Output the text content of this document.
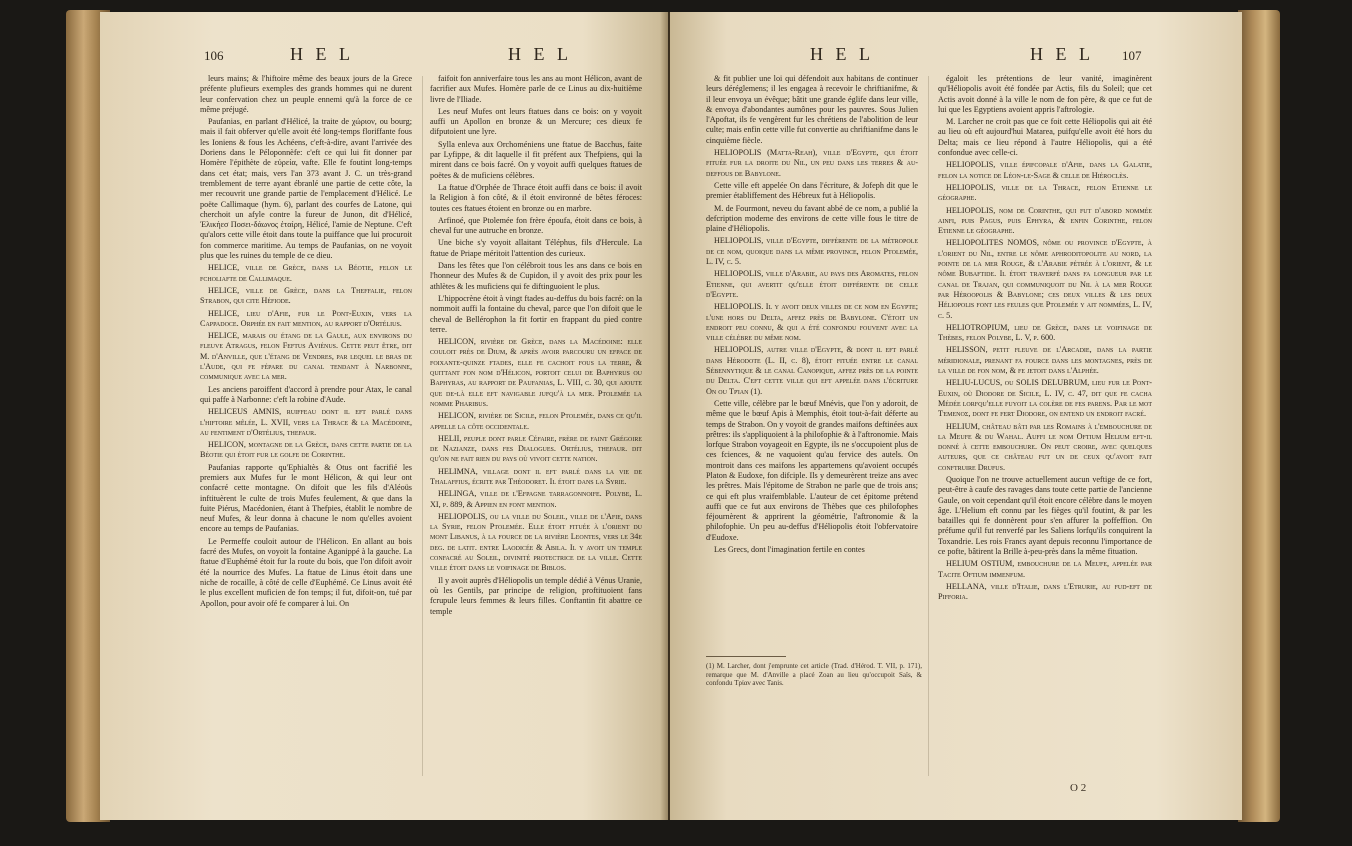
106	H E L	H E L

leurs mains; & l'hiftoire même des beaux jours de la Grece préfente plufieurs exemples des grands hommes qui ne durent leur confervation chez un peuple ennemi qu'à la force de ce même préjugé.

Paufanias, en parlant d'Hélicé, la traite de χώριον, ou bourg; mais il fait obferver qu'elle avoit été long-temps floriffante fous les Ioniens & fous les Achéens, c'eft-à-dire, avant l'arrivée des Doriens dans le Péloponnèfe: c'eft ce qui lui fit donner par Homère l'épithète de εὐρεία, vafte. Elle fe foutint long-temps dans cet état; mais, vers l'an 373 avant J. C. un très-grand tremblement de terre ayant ébranlé une partie de cette côte, la mer recouvrit une grande partie de l'emplacement d'Hélicé. Le poëte Callimaque (hym. 6), parlant des courfes de Latone, qui cherchoit un afyle contre la fureur de Junon, dit d'Hélicé, Ἑλικήεσ Ποσει-δάωνος ἑταίρη, Hélicé, l'amie de Neptune. C'eft qu'alors cette ville étoit dans toute la puiffance que lui procuroit fon commerce maritime. Au temps de Paufanias, on ne voyoit plus que les ruines du temple de ce dieu.

HELICE, ville de Grèce, dans la Béotie, felon le fcholiafte de Callimaque.

HELICE, ville de Grèce, dans la Theffalie, felon Strabon, qui cite Héfiode.

HELICE, lieu d'Afie, fur le Pont-Euxin, vers la Cappadoce. Orphée en fait mention, au rapport d'Ortélius.

HELICE, marais ou étang de la Gaule, aux environs du fleuve Atragus, felon Feftus Aviénus. Cette peut être, dit M. d'Anville, que l'étang de Vendres, par lequel le bras de l'Aude, qui fe fépare du canal tendant à Narbonne, communique avec la mer.

Les anciens paroiffent d'accord à prendre pour Atax, le canal qui paffe à Narbonne: c'eft la robine d'Aude.

HELICEUS AMNIS, ruiffeau dont il eft parlé dans l'hiftoire mêlée, L. XVII, vers la Thrace & la Macédoine, au fentiment d'Ortélius, thefaur.

HELICON, montagne de la Grèce, dans cette partie de la Béotie qui étoit fur le golfe de Corinthe.

Paufanias rapporte qu'Ephialtès & Otus ont facrifié les premiers aux Mufes fur le mont Hélicon, & qui leur ont confacré cette montagne. On difoit que les fils d'Aléoüs inftituèrent le culte de trois Mufes feulement, & que dans la fuite Piérus, Macédonien, étant à Thefpies, établit le nombre de neuf Mufes, & leur donna à chacune le nom qu'elles avoient encore au temps de Paufanias.

Le Permeffe couloit autour de l'Hélicon. En allant au bois facré des Mufes, on voyoit la fontaine Aganippé à la gauche. La ftatue d'Euphémé étoit fur la route du bois, que l'on difoit avoir été la nourrice des Mufes. La ftatue de Linus étoit dans une niche de rocaille, à côté de celle d'Euphémé. Ce Linus avoit été le plus excellent muficien de fon temps; il fut, difoit-on, tué par Apollon, pour avoir ofé fe comparer à lui. On

faifoit fon anniverfaire tous les ans au mont Hélicon, avant de facrifier aux Mufes. Homère parle de ce Linus au dix-huitième livre de l'Iliade.

Les neuf Mufes ont leurs ftatues dans ce bois: on y voyoit auffi un Apollon en bronze & un Mercure; ces dieux fe difputoient une lyre.

Sylla enleva aux Orchoméniens une ftatue de Bacchus, faite par Lyfippe, & dit laquelle il fit préfent aux Thefpiens, qui la mirent dans ce bois facré. On y voyoit auffi quelques ftatues de poëtes & de muficiens célèbres.

La ftatue d'Orphée de Thrace étoit auffi dans ce bois: il avoit la Religion à fon côté, & il étoit environné de bêtes féroces: toutes ces ftatues étoient en bronze ou en marbre.

Arfinoé, que Ptolemée fon frère époufa, étoit dans ce bois, à cheval fur une autruche en bronze.

Une biche s'y voyoit allaitant Téléphus, fils d'Hercule. La ftatue de Priape méritoit l'attention des curieux.

Dans les fêtes que l'on célébroit tous les ans dans ce bois en l'honneur des Mufes & de Cupidon, il y avoit des prix pour les athlètes & les muficiens qui fe diftinguoient le plus.

L'hippocrène étoit à vingt ftades au-deffus du bois facré: on la nommoit auffi la fontaine du cheval, parce que l'on difoit que le cheval de Bellérophon la fit fortir en frappant du pied contre terre.

HELICON, rivière de Grèce, dans la Macédoine: elle couloit près de Dium, & après avoir parcouru un efpace de foixante-quinze ftades, elle fe cachoit fous la terre, & quittant fon nom d'Hélicon, portoit celui de Baphyrus ou Baphyras, au rapport de Paufanias, L. VIII, c. 30, qui ajoute que de-là elle eft navigable jufqu'à la mer. Ptolemée la nomme Pharibus.

HELICON, rivière de Sicile, felon Ptolemée, dans ce qu'il appelle la côte occidentale.

HELII, peuple dont parle Céfaire, frère de faint Grégoire de Nazianze, dans fes Dialogues. Ortélius, thefaur. dit qu'on ne fait rien du pays où vivoit cette nation.

HELIMNA, village dont il eft parlé dans la vie de Thalaffius, écrite par Théodoret. Il étoit dans la Syrie.

HELINGA, ville de l'Efpagne tarragonnoife. Polybe, L. XI, p. 889, & Appien en font mention.

HELIOPOLIS, ou la ville du Soleil, ville de l'Afie, dans la Syrie, felon Ptolemée. Elle étoit fituée à l'orient du mont Libanus, à la fource de la rivière Leontes, vers le 34e deg. de latit. entre Laodicée & Abila. Il y avoit un temple confacré au Soleil, divinité protectrice de la ville. Cette ville étoit dans le voifinage de Biblos.

Il y avoit auprès d'Héliopolis un temple dédié à Vénus Uranie, où les Gentils, par principe de religion, proftituoient fans fcrupule leurs femmes & leurs filles. Conftantin fit abattre ce temple

H E L	H E L 107

& fit publier une loi qui défendoit aux habitans de continuer leurs déréglemens; il les engagea à recevoir le chriftianifme, & il leur envoya un évêque; bâtit une grande églife dans leur ville, & envoya d'abondantes aumônes pour les pauvres. Sous Julien l'Apoftat, ils fe vengèrent fur les chrétiens de l'abolition de leur culte; mais enfin cette ville fut convertie au chriftianifme dans le cinquième fiècle.

HELIOPOLIS (Matta-Reah), ville d'Egypte, qui étoit fituée fur la droite du Nil, un peu dans les terres & au-deffous de Babylone.

Cette ville eft appelée On dans l'écriture, & Jofeph dit que le premier établiffement des Hébreux fut à Héliopolis.

M. de Fourmont, neveu du favant abbé de ce nom, a publié la defcription moderne des environs de cette ville fous le titre de plaine d'Héliopolis.

HELIOPOLIS, ville d'Egypte, différente de la métropole de ce nom, quoique dans la même province, felon Ptolemée, L. IV, c. 5.

HELIOPOLIS, ville d'Arabie, au pays des Aromates, felon Etienne, qui avertit qu'elle étoit différente de celle d'Egypte.

HELIOPOLIS. Il y avoit deux villes de ce nom en Egypte; l'une hors du Delta, affez près de Babylone. C'étoit un endroit peu connu, & qui a été confondu fouvent avec la ville célèbre du même nom.

HELIOPOLIS, autre ville d'Egypte, & dont il eft parlé dans Hérodote (L. II, c. 8), étoit fituée entre le canal Sébennytique & le canal Canopique, affez près de la pointe du Delta. C'eft cette ville qui eft appelée dans l'écriture On ou Τρίαν (1).

Cette ville, célèbre par le bœuf Mnévis, que l'on y adoroit, de même que le bœuf Apis à Memphis, étoit tout-à-fait déferte au temps de Strabon. On y voyoit de grandes maifons deftinées aux prêtres: ils s'appliquoient à la philofophie & à l'aftronomie. Mais lorfque Strabon voyageoit en Egypte, ils ne s'occupoient plus de ces fciences, & ne vaquoient qu'au fervice des autels. On montroit dans ces maifons les appartemens qu'avoient occupés Platon & Eudoxe, fon difciple. Ils y demeurèrent treize ans avec les prêtres. Mais l'épitome de Strabon ne parle que de trois ans; ce qui eft plus vraifemblable. L'auteur de cet épitome prétend auffi que ce fut aux environs de Thèbes que ces philofophes féjournèrent & apprirent la géométrie, l'aftronomie & la philofophie. Un peu au-deffus d'Héliopolis étoit l'obfervatoire d'Eudoxe.

Les Grecs, dont l'imagination fertile en contes

(1) M. Larcher, dont j'emprunte cet article (Trad. d'Hérod. T. VII, p. 171), remarque que M. d'Anville a placé Zoan au lieu qu'occupoit Saïs, & confondu Τρίαν avec Tanis.

égaloit les prétentions de leur vanité, imaginèrent qu'Héliopolis avoit été fondée par Actis, fils du Soleil; que cet Actis avoit donné à la ville le nom de fon père, & que ce fut de lui que les Egyptiens avoient appris l'aftrologie.

M. Larcher ne croit pas que ce foit cette Héliopolis qui ait été au lieu où eft aujourd'hui Matarea, puifqu'elle avoit été hors du Delta; mais ce lieu répond à l'autre Héliopolis, qui a été confondue avec celle-ci.

HELIOPOLIS, ville épifcopale d'Afie, dans la Galatie, felon la notice de Léon-le-Sage & celle de Hiéroclès.

HELIOPOLIS, ville de la Thrace, felon Etienne le géographe.

HELIOPOLIS, nom de Corinthe, qui fut d'abord nommée ainfi, puis Pagus, puis Ephyra, & enfin Corinthe, felon Etienne le géographe.

HELIOPOLITES NOMOS, nôme ou province d'Egypte, à l'orient du Nil, entre le nôme aphroditopolite au nord, la pointe de la mer Rouge, & l'Arabie pétrée à l'orient, & le nôme Bubaftide. Il étoit traverfé dans fa longueur par le canal de Trajan, qui communiquoit du Nil à la mer Rouge par Héroopolis & Babylone; ces deux villes & les deux Héliopolis font les feules que Ptolemée y ait nommées, L. IV, c. 5.

HELIOTROPIUM, lieu de Grèce, dans le voifinage de Thèbes, felon Polybe, L. V, p. 600.

HELISSON, petit fleuve de l'Arcadie, dans la partie méridionale, prenant fa fource dans les montagnes, près de la ville de fon nom, & fe jetoit dans l'Alphée.

HELIU-LUCUS, ou SOLIS DELUBRUM, lieu fur le Pont-Euxin, où Diodore de Sicile, L. IV, c. 47, dit que fe cacha Médée lorfqu'elle fuyoit la colère de fes parens. Par le mot Τέμενος, dont fe fert Diodore, on entend un endroit facré.

HELIUM, château bâti par les Romains à l'embouchure de la Meufe & du Wahal. Auffi le nom Oftium Helium eft-il donné à cette embouchure. On peut croire, avec quelques auteurs, que ce château fut un de ceux qu'avoit fait conftruire Drufus.

Quoique l'on ne trouve actuellement aucun veftige de ce fort, peut-être à caufe des ravages dans toute cette partie de l'ancienne Gaule, on voit cependant qu'il étoit encore célèbre dans le moyen âge. L'Helium eft connu par les fièges qu'il foutint, & par les batailles qui fe donnèrent pour s'en affurer la poffeffion. On préfume qu'il fut renverfé par les Saliens lorfqu'ils conquirent la Toxandrie. Les rois Francs ayant depuis reconnu l'importance de ce pofte, bâtirent la Brille à-peu-près dans la même fituation.

HELIUM OSTIUM, embouchure de la Meufe, appelée par Tacite Oftium immenfum.

HELLANA, ville d'Italie, dans l'Etrurie, au fud-eft de Pifforia.

O 2
